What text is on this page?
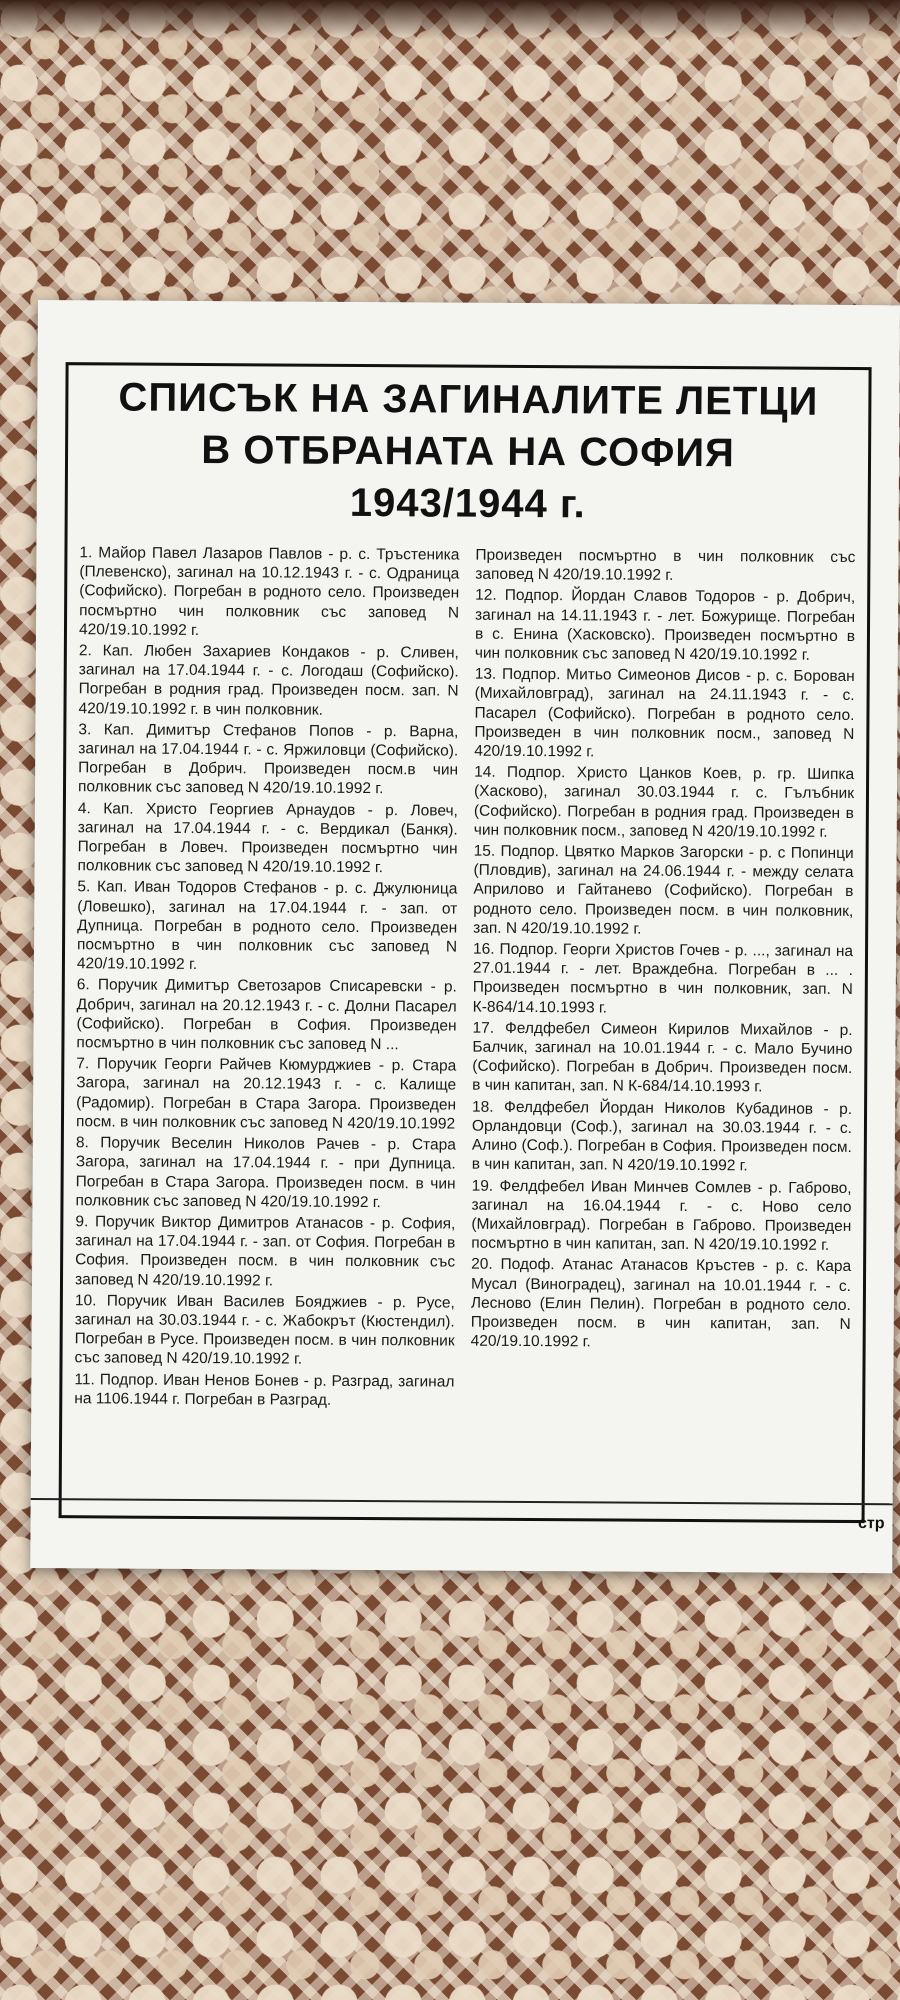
СПИСЪК НА ЗАГИНАЛИТЕ ЛЕТЦИ
В ОТБРАНАТА НА СОФИЯ
1943/1944 г.

1. Майор Павел Лазаров Павлов - р. с. Тръстеника (Плевенско), загинал на 10.12.1943 г. - с. Одраница (Софийско). Погребан в родното село. Произведен посмъртно чин полковник със заповед N 420/19.10.1992 г.

2. Кап. Любен Захариев Кондаков - р. Сливен, загинал на 17.04.1944 г. - с. Логодаш (Софийско). Погребан в родния град. Произведен посм. зап. N 420/19.10.1992 г. в чин полковник.

3. Кап. Димитър Стефанов Попов - р. Варна, загинал на 17.04.1944 г. - с. Яржиловци (Софийско). Погребан в Добрич. Произведен посм.в чин полковник със заповед N 420/19.10.1992 г.

4. Кап. Христо Георгиев Арнаудов - р. Ловеч, загинал на 17.04.1944 г. - с. Вердикал (Банкя). Погребан в Ловеч. Произведен посмъртно чин полковник със заповед N 420/19.10.1992 г.

5. Кап. Иван Тодоров Стефанов - р. с. Джулюница (Ловешко), загинал на 17.04.1944 г. - зап. от Дупница. Погребан в родното село. Произведен посмъртно в чин полковник със заповед N 420/19.10.1992 г.

6. Поручик Димитър Светозаров Списаревски - р. Добрич, загинал на 20.12.1943 г. - с. Долни Пасарел (Софийско). Погребан в София. Произведен посмъртно в чин полковник със заповед N ...

7. Поручик Георги Райчев Кюмурджиев - р. Стара Загора, загинал на 20.12.1943 г. - с. Калище (Радомир). Погребан в Стара Загора. Произведен посм. в чин полковник със заповед N 420/19.10.1992

8. Поручик Веселин Николов Рачев - р. Стара Загора, загинал на 17.04.1944 г. - при Дупница. Погребан в Стара Загора. Произведен посм. в чин полковник със заповед N 420/19.10.1992 г.

9. Поручик Виктор Димитров Атанасов - р. София, загинал на 17.04.1944 г. - зап. от София. Погребан в София. Произведен посм. в чин полковник със заповед N 420/19.10.1992 г.

10. Поручик Иван Василев Бояджиев - р. Русе, загинал на 30.03.1944 г. - с. Жабокрът (Кюстендил). Погребан в Русе. Произведен посм. в чин полковник със заповед N 420/19.10.1992 г.

11. Подпор. Иван Ненов Бонев - р. Разград, загинал на 1106.1944 г. Погребан в Разград.

Произведен посмъртно в чин полковник със заповед N 420/19.10.1992 г.

12. Подпор. Йордан Славов Тодоров - р. Добрич, загинал на 14.11.1943 г. - лет. Божурище. Погребан в с. Енина (Хасковско). Произведен посмъртно в чин полковник със заповед N 420/19.10.1992 г.

13. Подпор. Митьо Симеонов Дисов - р. с. Борован (Михайловград), загинал на 24.11.1943 г. - с. Пасарел (Софийско). Погребан в родното село. Произведен в чин полковник посм., заповед N 420/19.10.1992 г.

14. Подпор. Христо Цанков Коев, р. гр. Шипка (Хасково), загинал 30.03.1944 г. с. Гълъбник (Софийско). Погребан в родния град. Произведен в чин полковник посм., заповед N 420/19.10.1992 г.

15. Подпор. Цвятко Марков Загорски - р. с Попинци (Пловдив), загинал на 24.06.1944 г. - между селата Априлово и Гайтанево (Софийско). Погребан в родното село. Произведен посм. в чин полковник, зап. N 420/19.10.1992 г.

16. Подпор. Георги Христов Гочев - р. ..., загинал на 27.01.1944 г. - лет. Враждебна. Погребан в ... . Произведен посмъртно в чин полковник, зап. N К-864/14.10.1993 г.

17. Фелдфебел Симеон Кирилов Михайлов - р. Балчик, загинал на 10.01.1944 г. - с. Мало Бучино (Софийско). Погребан в Добрич. Произведен посм. в чин капитан, зап. N К-684/14.10.1993 г.

18. Фелдфебел Йордан Николов Кубадинов - р. Орландовци (Соф.), загинал на 30.03.1944 г. - с. Алино (Соф.). Погребан в София. Произведен посм. в чин капитан, зап. N 420/19.10.1992 г.

19. Фелдфебел Иван Минчев Сомлев - р. Габрово, загинал на 16.04.1944 г. - с. Ново село (Михайловград). Погребан в Габрово. Произведен посмъртно в чин капитан, зап. N 420/19.10.1992 г.

20. Подоф. Атанас Атанасов Кръстев - р. с. Кара Мусал (Виноградец), загинал на 10.01.1944 г. - с. Лесново (Елин Пелин). Погребан в родното село. Произведен посм. в чин капитан, зап. N 420/19.10.1992 г.

стр
